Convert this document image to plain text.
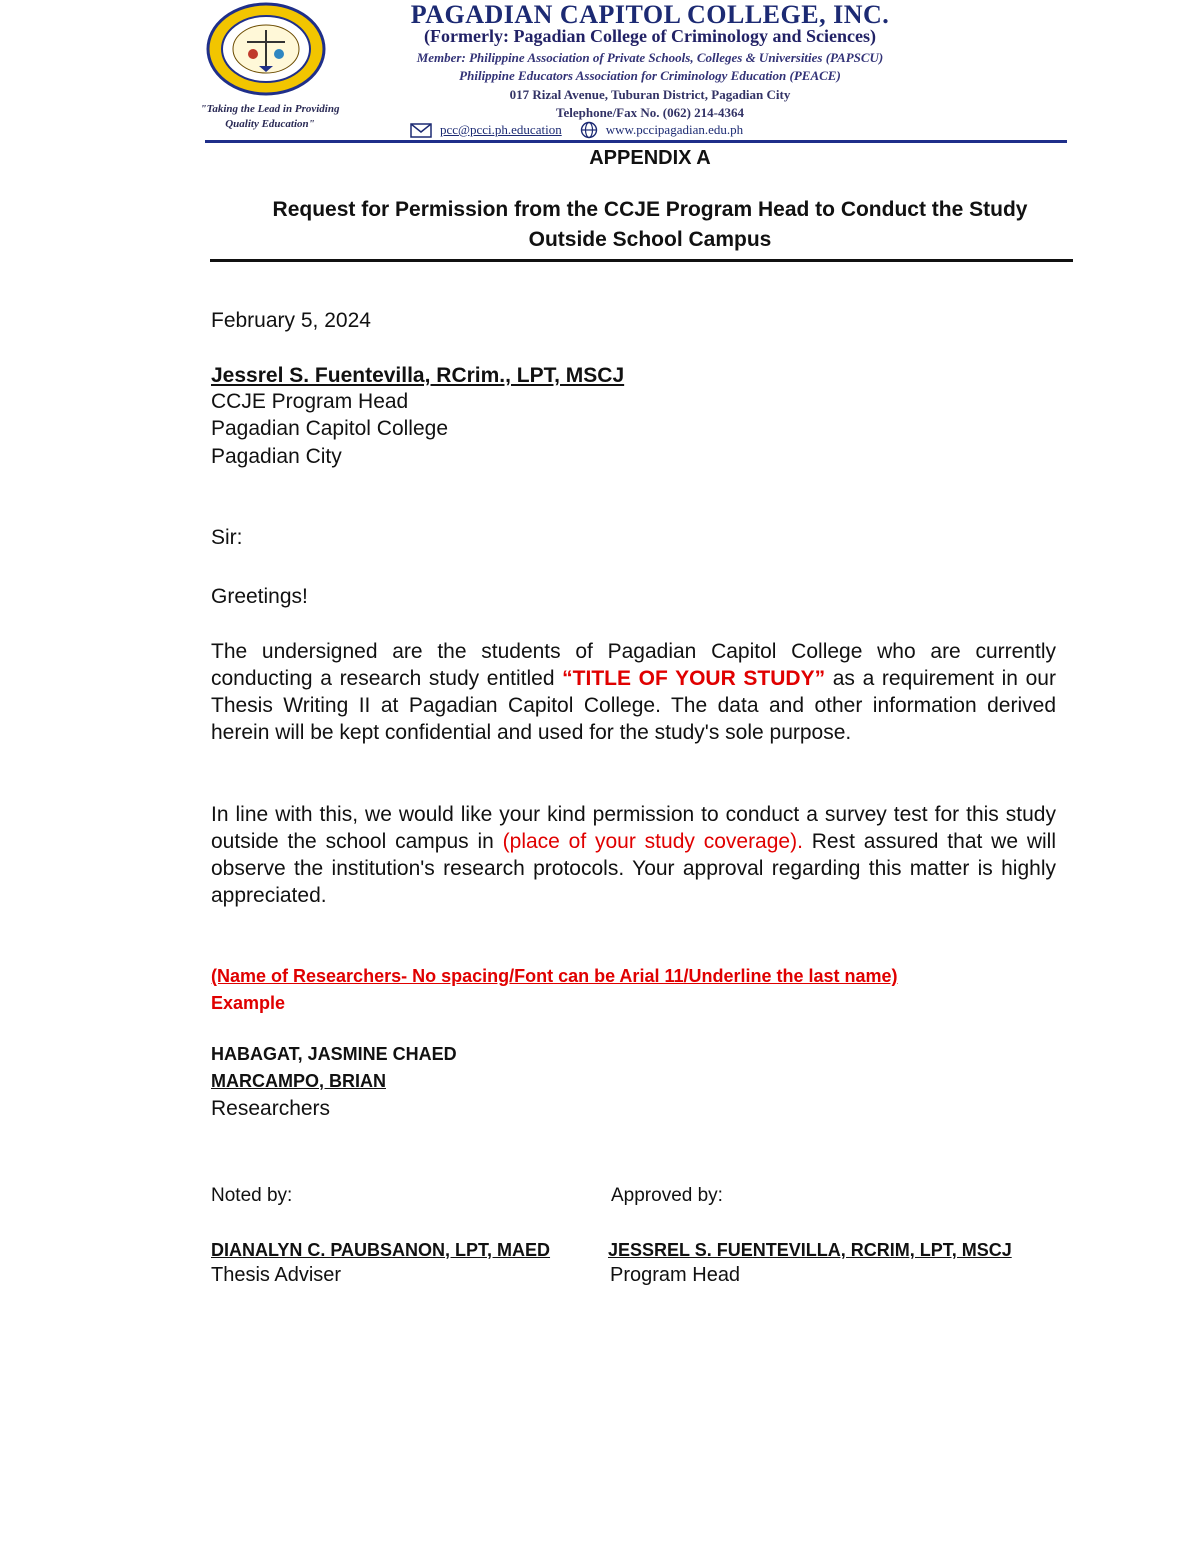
"Taking the Lead in Providing
Quality Education"
PAGADIAN CAPITOL COLLEGE, INC.
(Formerly: Pagadian College of Criminology and Sciences)
Member: Philippine Association of Private Schools, Colleges & Universities (PAPSCU)
Philippine Educators Association for Criminology Education (PEACE)
017 Rizal Avenue, Tuburan District, Pagadian City
Telephone/Fax No. (062) 214-4364
pcc@pcci.ph.education	www.pccipagadian.edu.ph
APPENDIX A
Request for Permission from the CCJE Program Head to Conduct the Study
Outside School Campus
February 5, 2024
Jessrel S. Fuentevilla, RCrim., LPT, MSCJ
CCJE Program Head
Pagadian Capitol College
Pagadian City
Sir:
Greetings!
The undersigned are the students of Pagadian Capitol College who are currently conducting a research study entitled “TITLE OF YOUR STUDY” as a requirement in our Thesis Writing II at Pagadian Capitol College. The data and other information derived herein will be kept confidential and used for the study's sole purpose.
In line with this, we would like your kind permission to conduct a survey test for this study outside the school campus in (place of your study coverage). Rest assured that we will observe the institution's research protocols. Your approval regarding this matter is highly appreciated.
(Name of Researchers- No spacing/Font can be Arial 11/Underline the last name)
Example
HABAGAT, JASMINE CHAED
MARCAMPO, BRIAN
Researchers
Noted by:
DIANALYN C. PAUBSANON, LPT, MAED
Thesis Adviser
Approved by:
JESSREL S. FUENTEVILLA, RCRIM, LPT, MSCJ
Program Head
